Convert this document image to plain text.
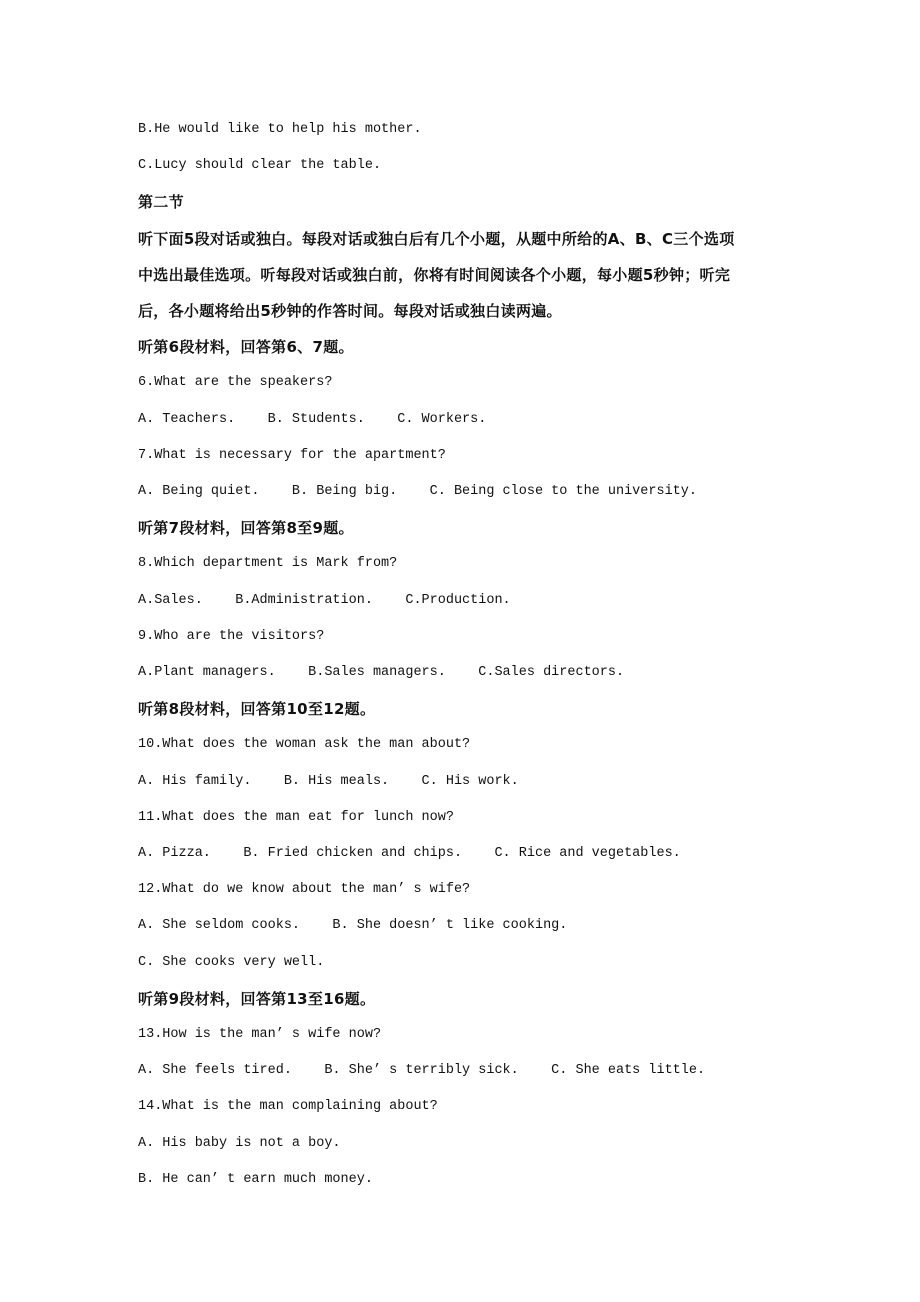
B.He would like to help his mother.
C.Lucy should clear the table.
第二节
听下面5段对话或独白。每段对话或独白后有几个小题，从题中所给的A、B、C三个选项
中选出最佳选项。听每段对话或独白前，你将有时间阅读各个小题，每小题5秒钟；听完
后，各小题将给出5秒钟的作答时间。每段对话或独白读两遍。
听第6段材料，回答第6、7题。
6.What are the speakers?
A. Teachers.    B. Students.    C. Workers.
7.What is necessary for the apartment?
A. Being quiet.    B. Being big.    C. Being close to the university.
听第7段材料，回答第8至9题。
8.Which department is Mark from?
A.Sales.    B.Administration.    C.Production.
9.Who are the visitors?
A.Plant managers.    B.Sales managers.    C.Sales directors.
听第8段材料，回答第10至12题。
10.What does the woman ask the man about?
A. His family.    B. His meals.    C. His work.
11.What does the man eat for lunch now?
A. Pizza.    B. Fried chicken and chips.    C. Rice and vegetables.
12.What do we know about the man’ s wife?
A. She seldom cooks.    B. She doesn’ t like cooking.
C. She cooks very well.
听第9段材料，回答第13至16题。
13.How is the man’ s wife now?
A. She feels tired.    B. She’ s terribly sick.    C. She eats little.
14.What is the man complaining about?
A. His baby is not a boy.
B. He can’ t earn much money.
